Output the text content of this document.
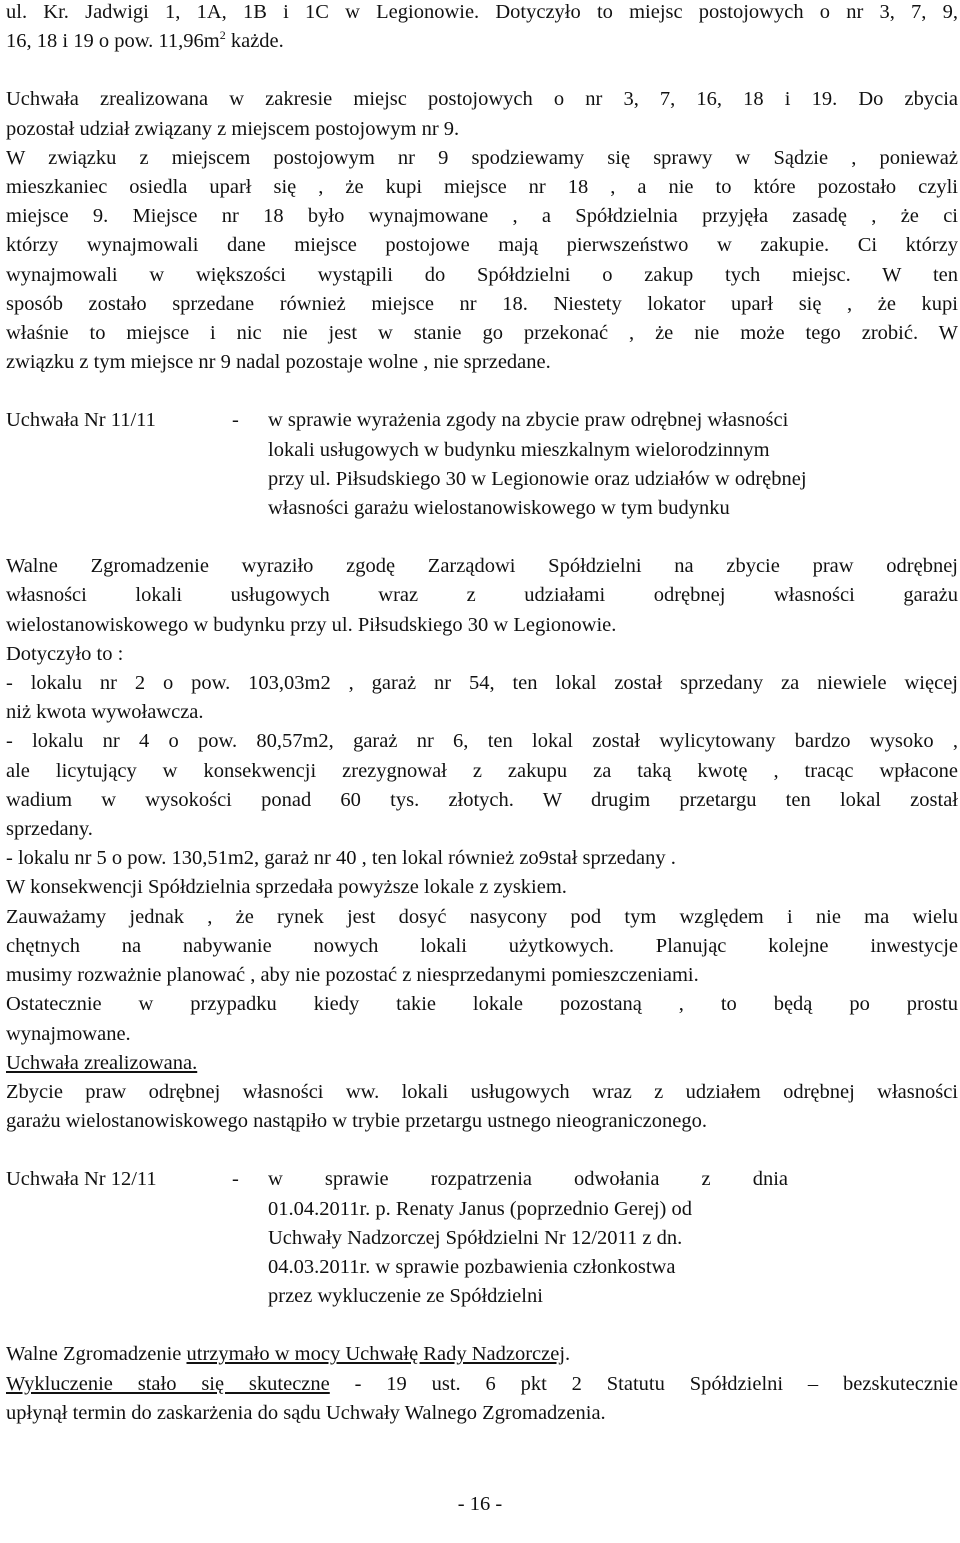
ul. Kr. Jadwigi 1, 1A, 1B i 1C w Legionowie. Dotyczyło to miejsc postojowych o nr 3, 7, 9,
16, 18 i 19 o pow. $11,96m^2$ każde.

Uchwała zrealizowana w zakresie miejsc postojowych o nr 3, 7, 16, 18 i 19. Do zbycia
pozostał udział związany z miejscem postojowym nr 9.
W związku z miejscem postojowym nr 9 spodziewamy się sprawy w Sądzie , ponieważ
mieszkaniec osiedla uparł się , że kupi miejsce nr 18 , a nie to które pozostało czyli
miejsce 9. Miejsce nr 18 było wynajmowane , a Spółdzielnia przyjęła zasadę , że ci
którzy wynajmowali dane miejsce postojowe mają pierwszeństwo w zakupie. Ci którzy
wynajmowali w większości wystąpili do Spółdzielni o zakup tych miejsc. W ten
sposób zostało sprzedane również miejsce nr 18. Niestety lokator uparł się , że kupi
właśnie to miejsce i nic nie jest w stanie go przekonać , że nie może tego zrobić. W
związku z tym miejsce nr 9 nadal pozostaje wolne , nie sprzedane.

Uchwała Nr 11/11	-	w sprawie wyrażenia zgody na zbycie praw odrębnej własności
lokali usługowych w budynku mieszkalnym wielorodzinnym
przy ul. Piłsudskiego 30 w Legionowie oraz udziałów w odrębnej
własności garażu wielostanowiskowego w tym budynku

Walne Zgromadzenie wyraziło zgodę Zarządowi Spółdzielni na zbycie praw odrębnej
własności lokali usługowych wraz z udziałami odrębnej własności garażu
wielostanowiskowego w budynku przy ul. Piłsudskiego 30 w Legionowie.
Dotyczyło to :
- lokalu nr 2 o pow. 103,03m2 , garaż nr 54, ten lokal został sprzedany za niewiele więcej
niż kwota wywoławcza.
- lokalu nr 4 o pow. 80,57m2, garaż nr 6, ten lokal został wylicytowany bardzo wysoko ,
ale licytujący w konsekwencji zrezygnował z zakupu za taką kwotę , tracąc wpłacone
wadium w wysokości ponad 60 tys. złotych. W drugim przetargu ten lokal został
sprzedany.
- lokalu nr 5 o pow. 130,51m2, garaż nr 40 , ten lokal również zo9stał sprzedany .
W konsekwencji Spółdzielnia sprzedała powyższe lokale z zyskiem.
Zauważamy jednak , że rynek jest dosyć nasycony pod tym względem i nie ma wielu
chętnych na nabywanie nowych lokali użytkowych. Planując kolejne inwestycje
musimy rozważnie planować , aby nie pozostać z niesprzedanymi pomieszczeniami.
Ostatecznie w przypadku kiedy takie lokale pozostaną , to będą po prostu
wynajmowane.
Uchwała zrealizowana.
Zbycie praw odrębnej własności ww. lokali usługowych wraz z udziałem odrębnej własności
garażu wielostanowiskowego nastąpiło w trybie przetargu ustnego nieograniczonego.

Uchwała Nr 12/11	-	w sprawie rozpatrzenia odwołania z dnia
01.04.2011r. p. Renaty Janus (poprzednio Gerej) od
Uchwały Nadzorczej Spółdzielni Nr 12/2011 z dn.
04.03.2011r. w sprawie pozbawienia członkostwa
przez wykluczenie ze Spółdzielni

Walne Zgromadzenie utrzymało w mocy Uchwałę Rady Nadzorczej.
Wykluczenie stało się skuteczne - 19 ust. 6 pkt 2 Statutu Spółdzielni – bezskutecznie
upłynął termin do zaskarżenia do sądu Uchwały Walnego Zgromadzenia.

- 16 -
